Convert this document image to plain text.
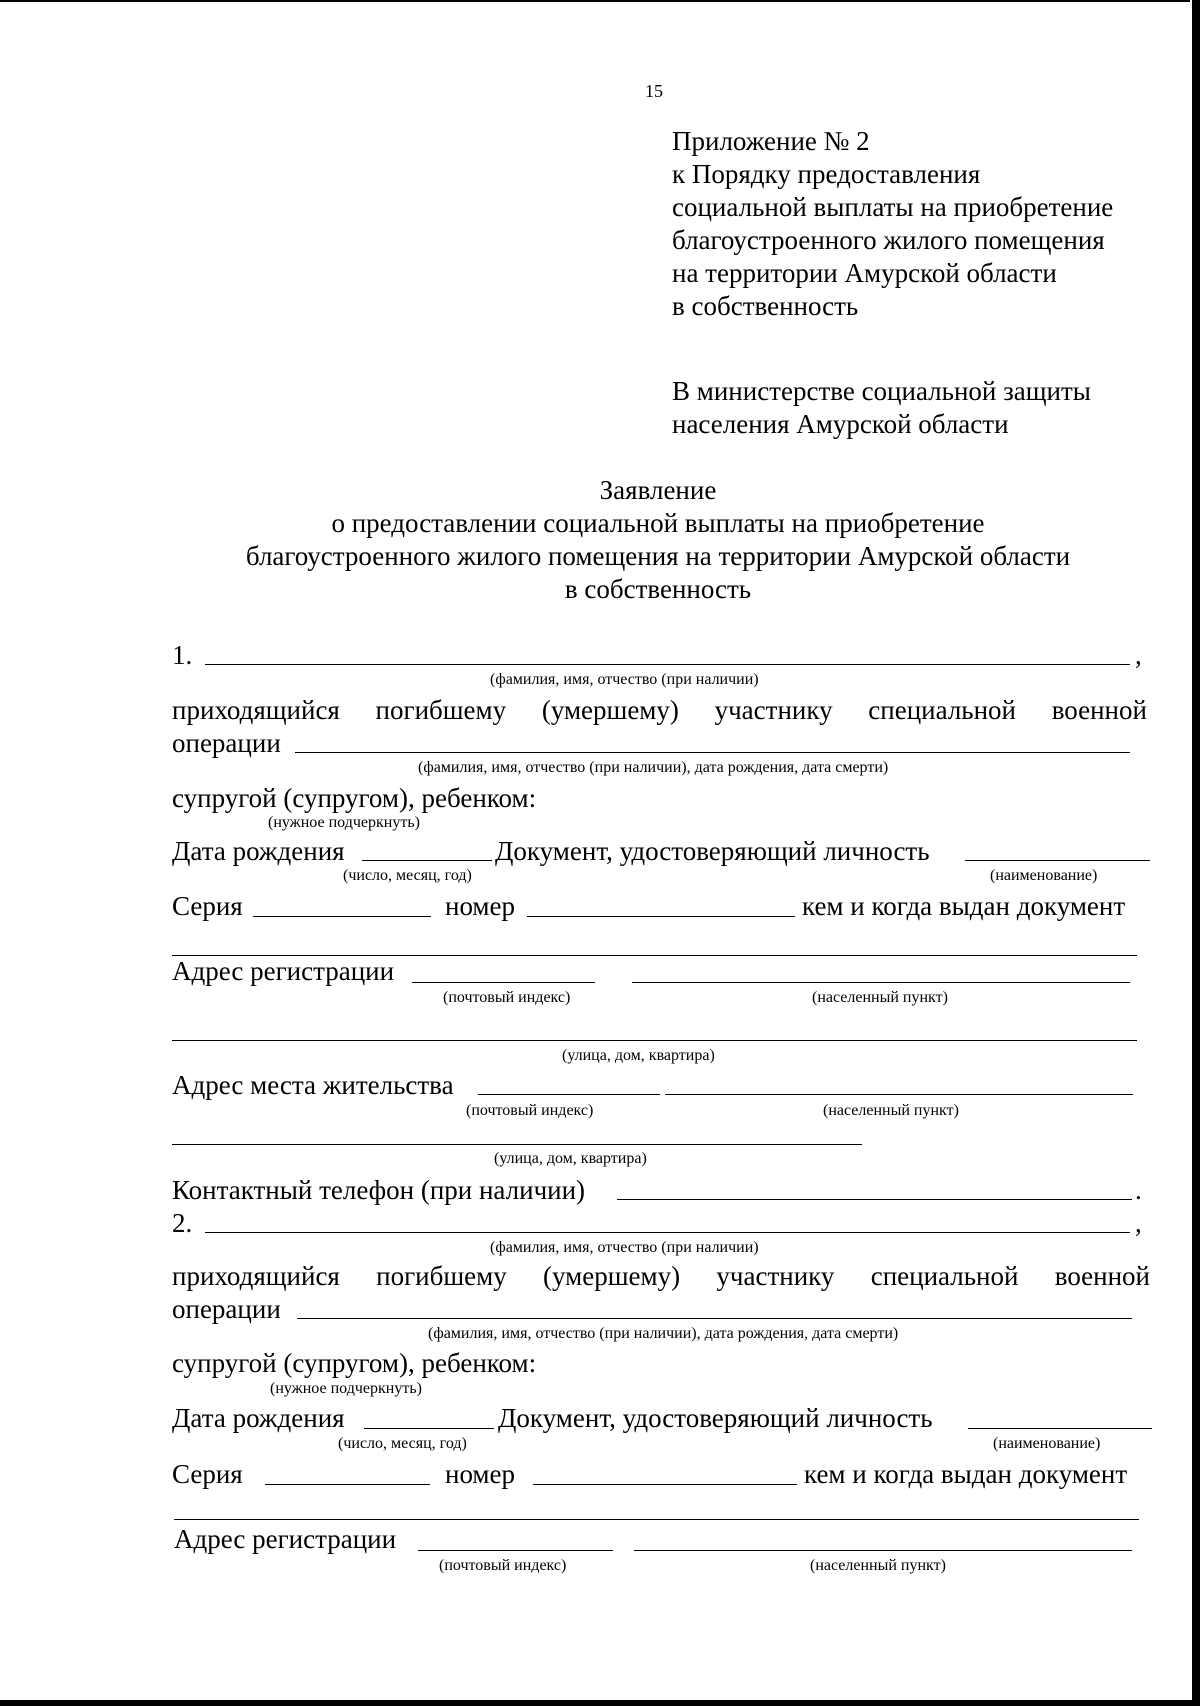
15
Приложение № 2
к Порядку предоставления
социальной выплаты на приобретение
благоустроенного жилого помещения
на территории Амурской области
в собственность
В министерстве социальной защиты
населения Амурской области
Заявление
о предоставлении социальной выплаты на приобретение
благоустроенного жилого помещения на территории Амурской области
в собственность
1.	,
(фамилия, имя, отчество (при наличии)
приходящийся погибшему (умершему) участнику специальной военной
операции
(фамилия, имя, отчество (при наличии), дата рождения, дата смерти)
супругой (супругом), ребенком:
(нужное подчеркнуть)
Дата рождения	Документ, удостоверяющий личность
(число, месяц, год)	(наименование)
Серия	номер	кем и когда выдан документ
Адрес регистрации
(почтовый индекс)	(населенный пункт)
(улица, дом, квартира)
Адрес места жительства
(почтовый индекс)	(населенный пункт)
(улица, дом, квартира)
Контактный телефон (при наличии)	.
2.	,
(фамилия, имя, отчество (при наличии)
приходящийся погибшему (умершему) участнику специальной военной
операции
(фамилия, имя, отчество (при наличии), дата рождения, дата смерти)
супругой (супругом), ребенком:
(нужное подчеркнуть)
Дата рождения	Документ, удостоверяющий личность
(число, месяц, год)	(наименование)
Серия	номер	кем и когда выдан документ
Адрес регистрации
(почтовый индекс)	(населенный пункт)
